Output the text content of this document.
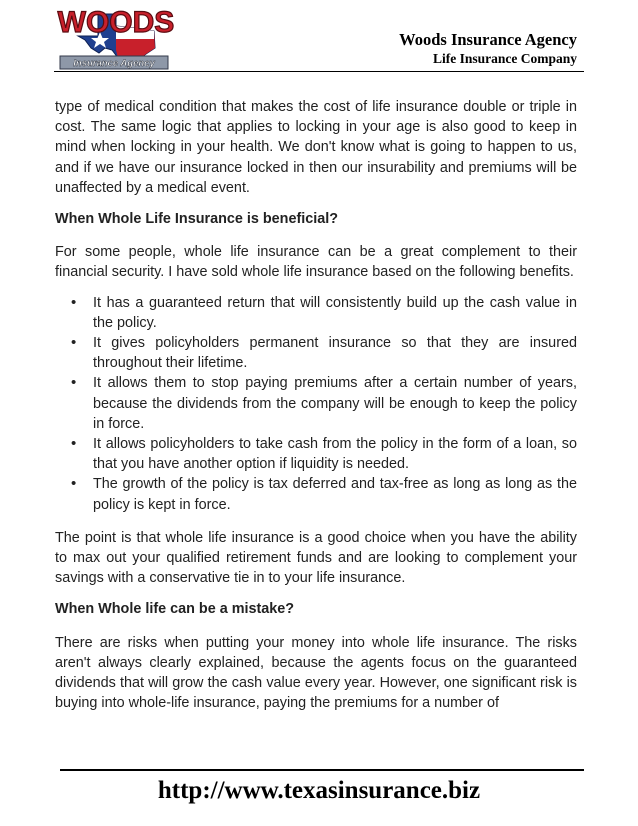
WOODS
Insurance Agency
Woods Insurance Agency
Life Insurance Company

type of medical condition that makes the cost of life insurance double or triple in cost. The same logic that applies to locking in your age is also good to keep in mind when locking in your health. We don't know what is going to happen to us, and if we have our insurance locked in then our insurability and premiums will be unaffected by a medical event.

When Whole Life Insurance is beneficial?

For some people, whole life insurance can be a great complement to their financial security. I have sold whole life insurance based on the following benefits.

• It has a guaranteed return that will consistently build up the cash value in the policy.
• It gives policyholders permanent insurance so that they are insured throughout their lifetime.
• It allows them to stop paying premiums after a certain number of years, because the dividends from the company will be enough to keep the policy in force.
• It allows policyholders to take cash from the policy in the form of a loan, so that you have another option if liquidity is needed.
• The growth of the policy is tax deferred and tax-free as long as long as the policy is kept in force.

The point is that whole life insurance is a good choice when you have the ability to max out your qualified retirement funds and are looking to complement your savings with a conservative tie in to your life insurance.

When Whole life can be a mistake?

There are risks when putting your money into whole life insurance. The risks aren't always clearly explained, because the agents focus on the guaranteed dividends that will grow the cash value every year. However, one significant risk is buying into whole-life insurance, paying the premiums for a number of

http://www.texasinsurance.biz
